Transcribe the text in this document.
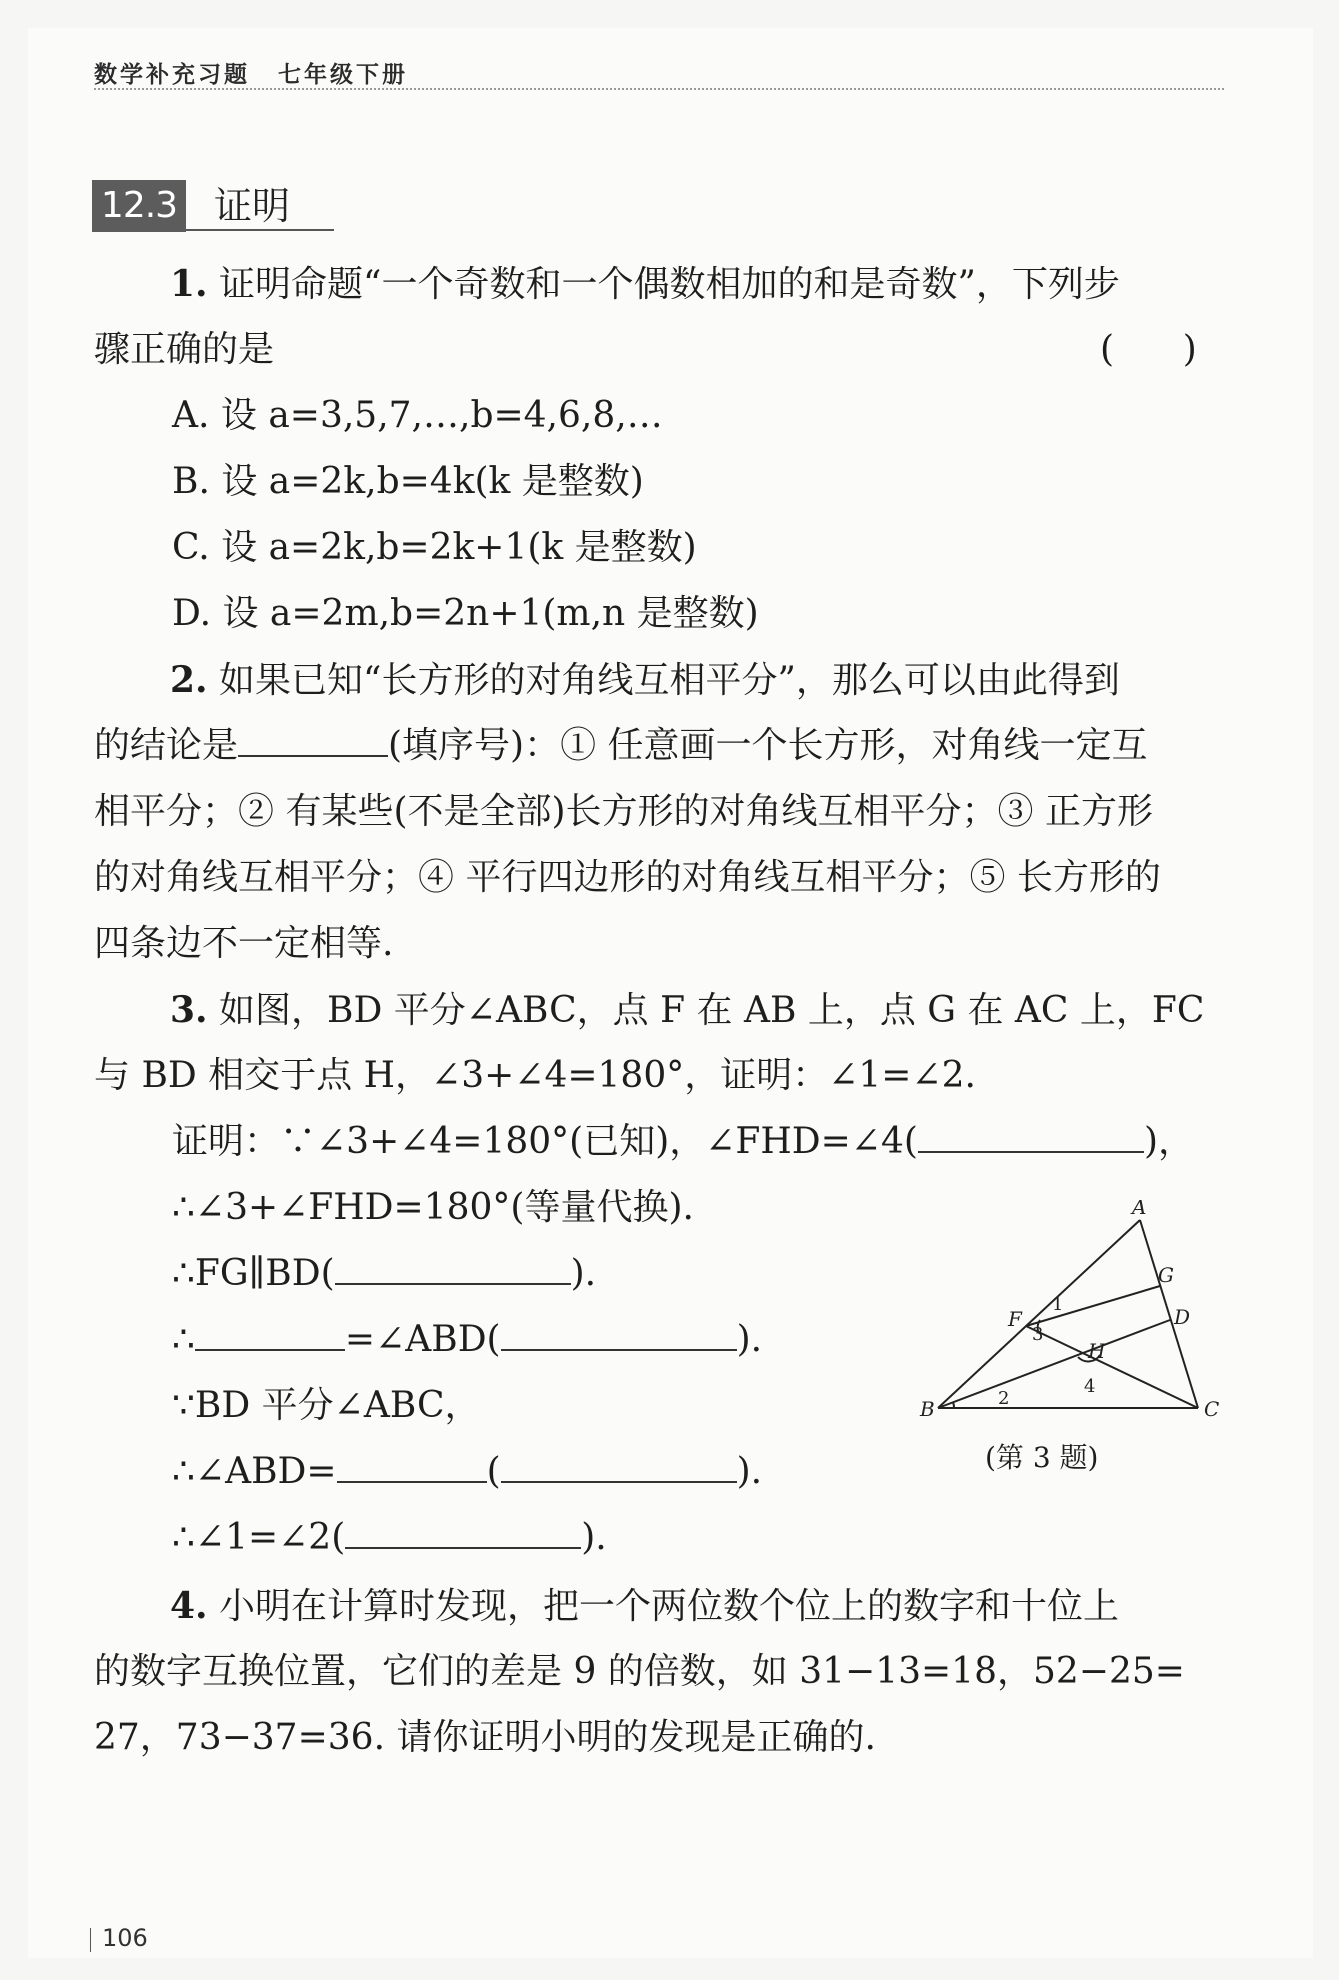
数学补充习题 七年级下册
12.3 证明
1. 证明命题“一个奇数和一个偶数相加的和是奇数”，下列步
骤正确的是	(      )
A. 设 a=3,5,7,…,b=4,6,8,…
B. 设 a=2k,b=4k(k 是整数)
C. 设 a=2k,b=2k+1(k 是整数)
D. 设 a=2m,b=2n+1(m,n 是整数)
2. 如果已知“长方形的对角线互相平分”，那么可以由此得到
的结论是	(填序号)：① 任意画一个长方形，对角线一定互
相平分；② 有某些(不是全部)长方形的对角线互相平分；③ 正方形
的对角线互相平分；④ 平行四边形的对角线互相平分；⑤ 长方形的
四条边不一定相等.
3. 如图，BD 平分∠ABC，点 F 在 AB 上，点 G 在 AC 上，FC
与 BD 相交于点 H，∠3+∠4=180°，证明：∠1=∠2.
证明：∵∠3+∠4=180°(已知)，∠FHD=∠4(	)，
∴∠3+∠FHD=180°(等量代换).
∴FG∥BD(	).
∴	=∠ABD(	).
∵BD 平分∠ABC，
∴∠ABD=	(	).
∴∠1=∠2(	).
A
B	C
D
F
G
H
1
2
3
4
(第 3 题)
4. 小明在计算时发现，把一个两位数个位上的数字和十位上
的数字互换位置，它们的差是 9 的倍数，如 31−13=18，52−25=
27，73−37=36. 请你证明小明的发现是正确的.
106
